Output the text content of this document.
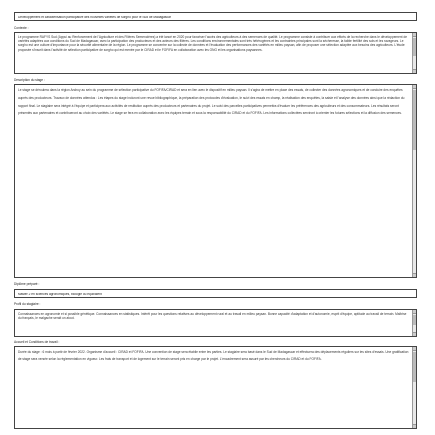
Développement et caractérisation participative des nouvelles variétés de sorgho pour le Sud de Madagascar
Contexte :
Le programme RAFYS Sud (Appui au Renforcement de l'Agriculture et des Filières Semencières) a été lancé en 2020 pour favoriser l'accès des agriculteurs à des semences de qualité. Le programme consiste à contribuer aux efforts de la recherche dans le développement de variétés adaptées aux conditions du Sud de Madagascar, avec la participation des producteurs et des acteurs des filières. Les conditions environnementales sont très hétérogènes et les contraintes principales sont la sécheresse, la faible fertilité des sols et les ravageurs. Le sorgho est une culture d'importance pour la sécurité alimentaire de la région. Le programme se concentre sur la collecte de données et l'évaluation des performances des variétés en milieu paysan, afin de proposer une sélection adaptée aux besoins des agriculteurs. L'étude proposée s'inscrit dans l'activité de sélection participative de sorgho qui est menée par le CIRAD et le FOFIFA en collaboration avec les ONG et les organisations paysannes.
Description du stage :
Le stage se déroulera dans la région Androy au sein du programme de sélection participative du FOFIFA/CIRAD et sera en lien avec le dispositif en milieu paysan. Il s'agira de mettre en place des essais, de collecter des données agronomiques et de conduire des enquêtes auprès des producteurs. Travaux de données attendus : Les étapes du stage incluront une revue bibliographique, la préparation des protocoles d'évaluation, le suivi des essais en champ, la réalisation des enquêtes, la saisie et l'analyse des données ainsi que la rédaction du rapport final. Le stagiaire sera intégré à l'équipe et participera aux activités de restitution auprès des producteurs et partenaires du projet. Le suivi des parcelles participatives permettra d'évaluer les préférences des agriculteurs et des consommateurs. Les résultats seront présentés aux partenaires et contribueront au choix des variétés. Le stage se fera en collaboration avec les équipes terrain et sous la responsabilité du CIRAD et du FOFIFA. Les informations collectées serviront à orienter les futures sélections et la diffusion des semences.
Diplôme préparé :
Master 2 en sciences agronomiques, biologie ou équivalent
Profil du stagiaire :
Connaissances en agronomie et si possible génétique. Connaissances en statistiques. Intérêt pour les questions relatives au développement rural et au travail en milieu paysan. Bonne capacité d'adaptation et d'autonomie, esprit d'équipe, aptitude au travail de terrain. Maîtrise du français, le malgache serait un atout.
Accueil et Conditions de travail :
Durée du stage : 6 mois à partir de février 2022. Organisme d'accueil : CIRAD et FOFIFA. Une convention de stage sera établie entre les parties. Le stagiaire sera basé dans le Sud de Madagascar et effectuera des déplacements réguliers sur les sites d'essais. Une gratification de stage sera versée selon la réglementation en vigueur. Les frais de transport et de logement sur le terrain seront pris en charge par le projet. L'encadrement sera assuré par les chercheurs du CIRAD et du FOFIFA.
